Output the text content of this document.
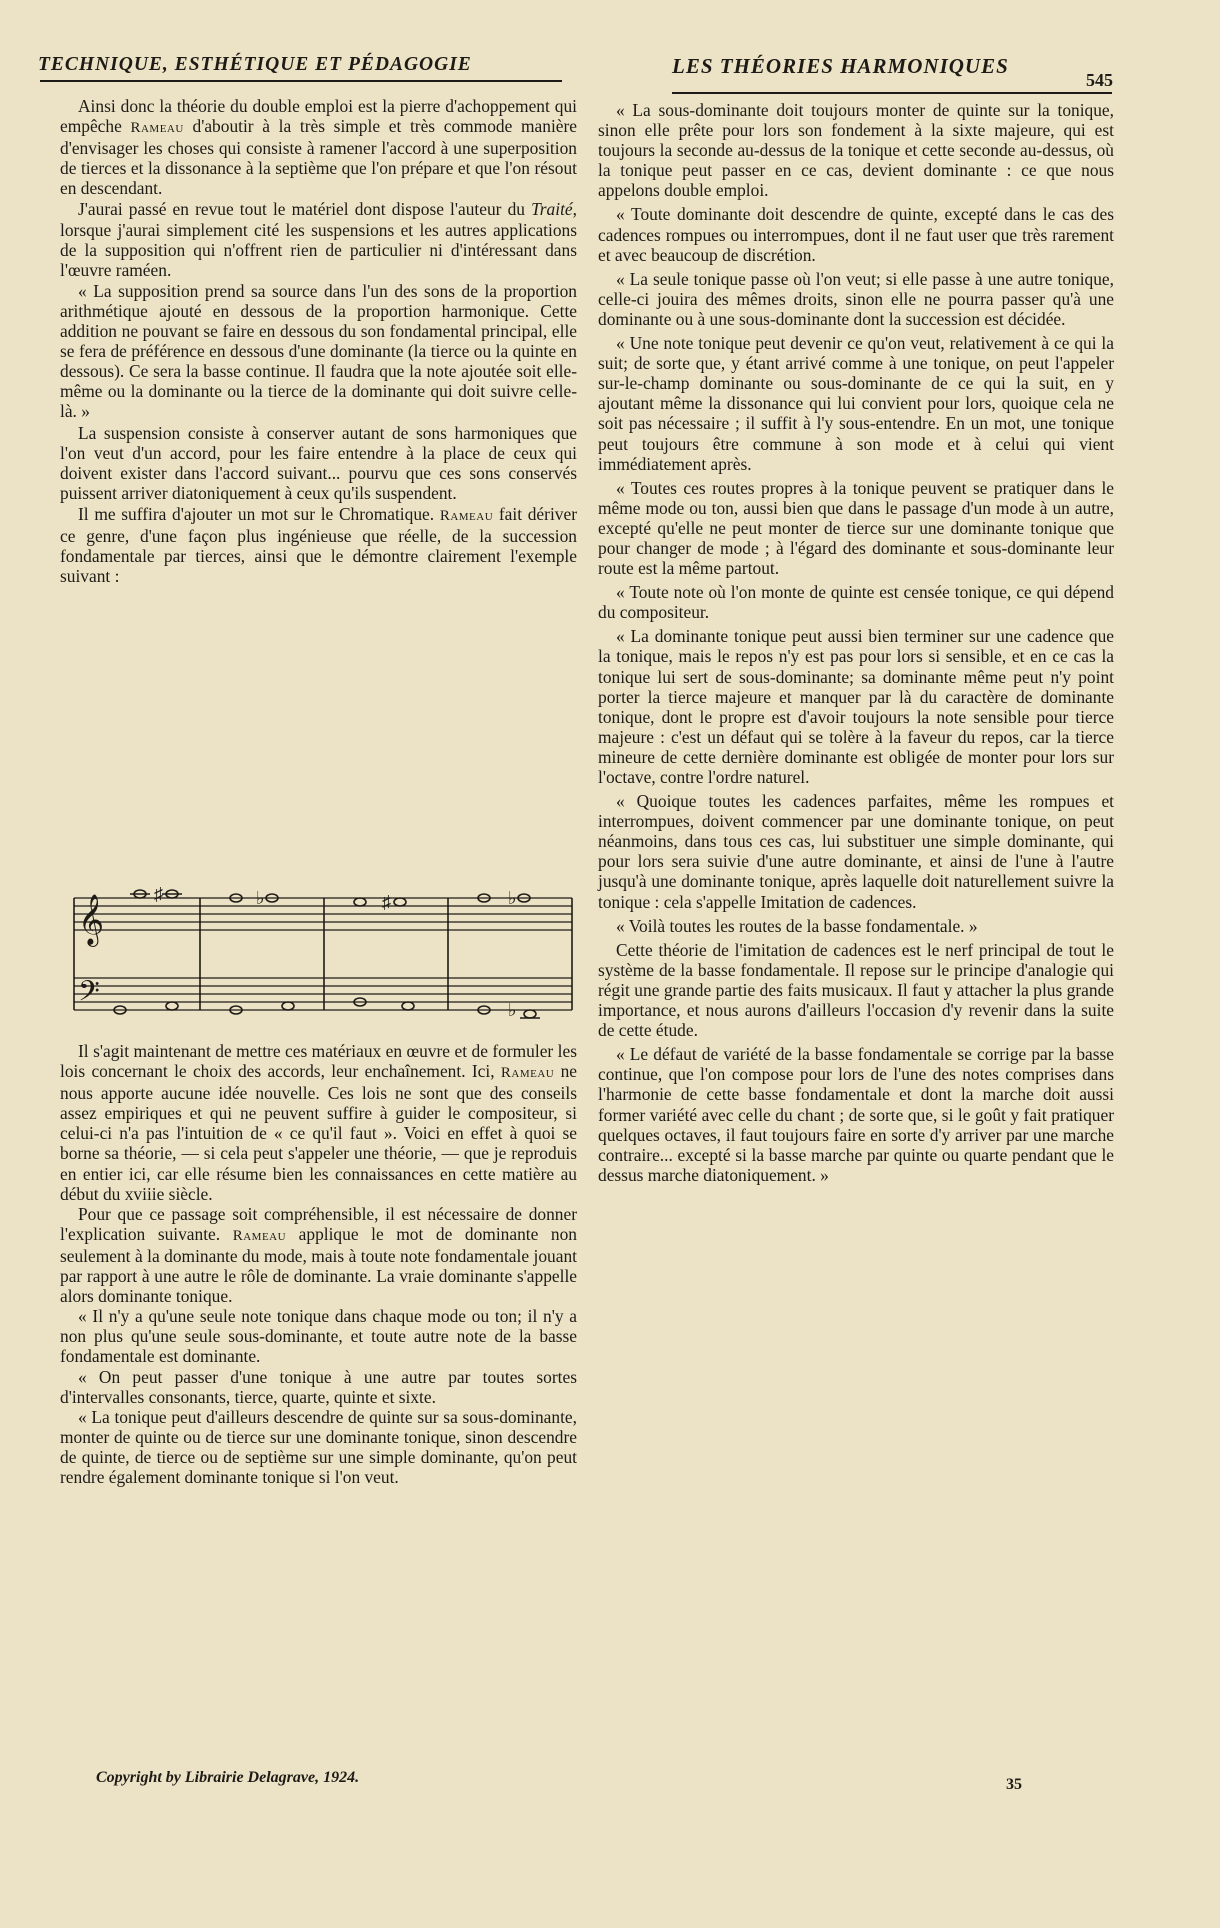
TECHNIQUE, ESTHÉTIQUE ET PÉDAGOGIE	LES THÉORIES HARMONIQUES
545

Ainsi donc la théorie du double emploi est la pierre d'achoppement qui empêche Rameau d'aboutir à la très simple et très commode manière d'envisager les choses qui consiste à ramener l'accord à une superposition de tierces et la dissonance à la septième que l'on prépare et que l'on résout en descendant.

J'aurai passé en revue tout le matériel dont dispose l'auteur du Traité, lorsque j'aurai simplement cité les suspensions et les autres applications de la supposition qui n'offrent rien de particulier ni d'intéressant dans l'œuvre raméen.

« La supposition prend sa source dans l'un des sons de la proportion arithmétique ajouté en dessous de la proportion harmonique. Cette addition ne pouvant se faire en dessous du son fondamental principal, elle se fera de préférence en dessous d'une dominante (la tierce ou la quinte en dessous). Ce sera la basse continue. Il faudra que la note ajoutée soit elle-même ou la dominante ou la tierce de la dominante qui doit suivre celle-là. »

La suspension consiste à conserver autant de sons harmoniques que l'on veut d'un accord, pour les faire entendre à la place de ceux qui doivent exister dans l'accord suivant... pourvu que ces sons conservés puissent arriver diatoniquement à ceux qu'ils suspendent.

Il me suffira d'ajouter un mot sur le Chromatique. Rameau fait dériver ce genre, d'une façon plus ingénieuse que réelle, de la succession fondamentale par tierces, ainsi que le démontre clairement l'exemple suivant :

𝄞
𝄢
♯	♭	♯	♭
♭

Il s'agit maintenant de mettre ces matériaux en œuvre et de formuler les lois concernant le choix des accords, leur enchaînement. Ici, Rameau ne nous apporte aucune idée nouvelle. Ces lois ne sont que des conseils assez empiriques et qui ne peuvent suffire à guider le compositeur, si celui-ci n'a pas l'intuition de « ce qu'il faut ». Voici en effet à quoi se borne sa théorie, — si cela peut s'appeler une théorie, — que je reproduis en entier ici, car elle résume bien les connaissances en cette matière au début du xviiie siècle.

Pour que ce passage soit compréhensible, il est nécessaire de donner l'explication suivante. Rameau applique le mot de dominante non seulement à la dominante du mode, mais à toute note fondamentale jouant par rapport à une autre le rôle de dominante. La vraie dominante s'appelle alors dominante tonique.

« Il n'y a qu'une seule note tonique dans chaque mode ou ton; il n'y a non plus qu'une seule sous-dominante, et toute autre note de la basse fondamentale est dominante.

« On peut passer d'une tonique à une autre par toutes sortes d'intervalles consonants, tierce, quarte, quinte et sixte.

« La tonique peut d'ailleurs descendre de quinte sur sa sous-dominante, monter de quinte ou de tierce sur une dominante tonique, sinon descendre de quinte, de tierce ou de septième sur une simple dominante, qu'on peut rendre également dominante tonique si l'on veut.

« La sous-dominante doit toujours monter de quinte sur la tonique, sinon elle prête pour lors son fondement à la sixte majeure, qui est toujours la seconde au-dessus de la tonique et cette seconde au-dessus, où la tonique peut passer en ce cas, devient dominante : ce que nous appelons double emploi.

« Toute dominante doit descendre de quinte, excepté dans le cas des cadences rompues ou interrompues, dont il ne faut user que très rarement et avec beaucoup de discrétion.

« La seule tonique passe où l'on veut; si elle passe à une autre tonique, celle-ci jouira des mêmes droits, sinon elle ne pourra passer qu'à une dominante ou à une sous-dominante dont la succession est décidée.

« Une note tonique peut devenir ce qu'on veut, relativement à ce qui la suit; de sorte que, y étant arrivé comme à une tonique, on peut l'appeler sur-le-champ dominante ou sous-dominante de ce qui la suit, en y ajoutant même la dissonance qui lui convient pour lors, quoique cela ne soit pas nécessaire ; il suffit à l'y sous-entendre. En un mot, une tonique peut toujours être commune à son mode et à celui qui vient immédiatement après.

« Toutes ces routes propres à la tonique peuvent se pratiquer dans le même mode ou ton, aussi bien que dans le passage d'un mode à un autre, excepté qu'elle ne peut monter de tierce sur une dominante tonique que pour changer de mode ; à l'égard des dominante et sous-dominante leur route est la même partout.

« Toute note où l'on monte de quinte est censée tonique, ce qui dépend du compositeur.

« La dominante tonique peut aussi bien terminer sur une cadence que la tonique, mais le repos n'y est pas pour lors si sensible, et en ce cas la tonique lui sert de sous-dominante; sa dominante même peut n'y point porter la tierce majeure et manquer par là du caractère de dominante tonique, dont le propre est d'avoir toujours la note sensible pour tierce majeure : c'est un défaut qui se tolère à la faveur du repos, car la tierce mineure de cette dernière dominante est obligée de monter pour lors sur l'octave, contre l'ordre naturel.

« Quoique toutes les cadences parfaites, même les rompues et interrompues, doivent commencer par une dominante tonique, on peut néanmoins, dans tous ces cas, lui substituer une simple dominante, qui pour lors sera suivie d'une autre dominante, et ainsi de l'une à l'autre jusqu'à une dominante tonique, après laquelle doit naturellement suivre la tonique : cela s'appelle Imitation de cadences.

« Voilà toutes les routes de la basse fondamentale. »

Cette théorie de l'imitation de cadences est le nerf principal de tout le système de la basse fondamentale. Il repose sur le principe d'analogie qui régit une grande partie des faits musicaux. Il faut y attacher la plus grande importance, et nous aurons d'ailleurs l'occasion d'y revenir dans la suite de cette étude.

« Le défaut de variété de la basse fondamentale se corrige par la basse continue, que l'on compose pour lors de l'une des notes comprises dans l'harmonie de cette basse fondamentale et dont la marche doit aussi former variété avec celle du chant ; de sorte que, si le goût y fait pratiquer quelques octaves, il faut toujours faire en sorte d'y arriver par une marche contraire... excepté si la basse marche par quinte ou quarte pendant que le dessus marche diatoniquement. »

Copyright by Librairie Delagrave, 1924.	35
